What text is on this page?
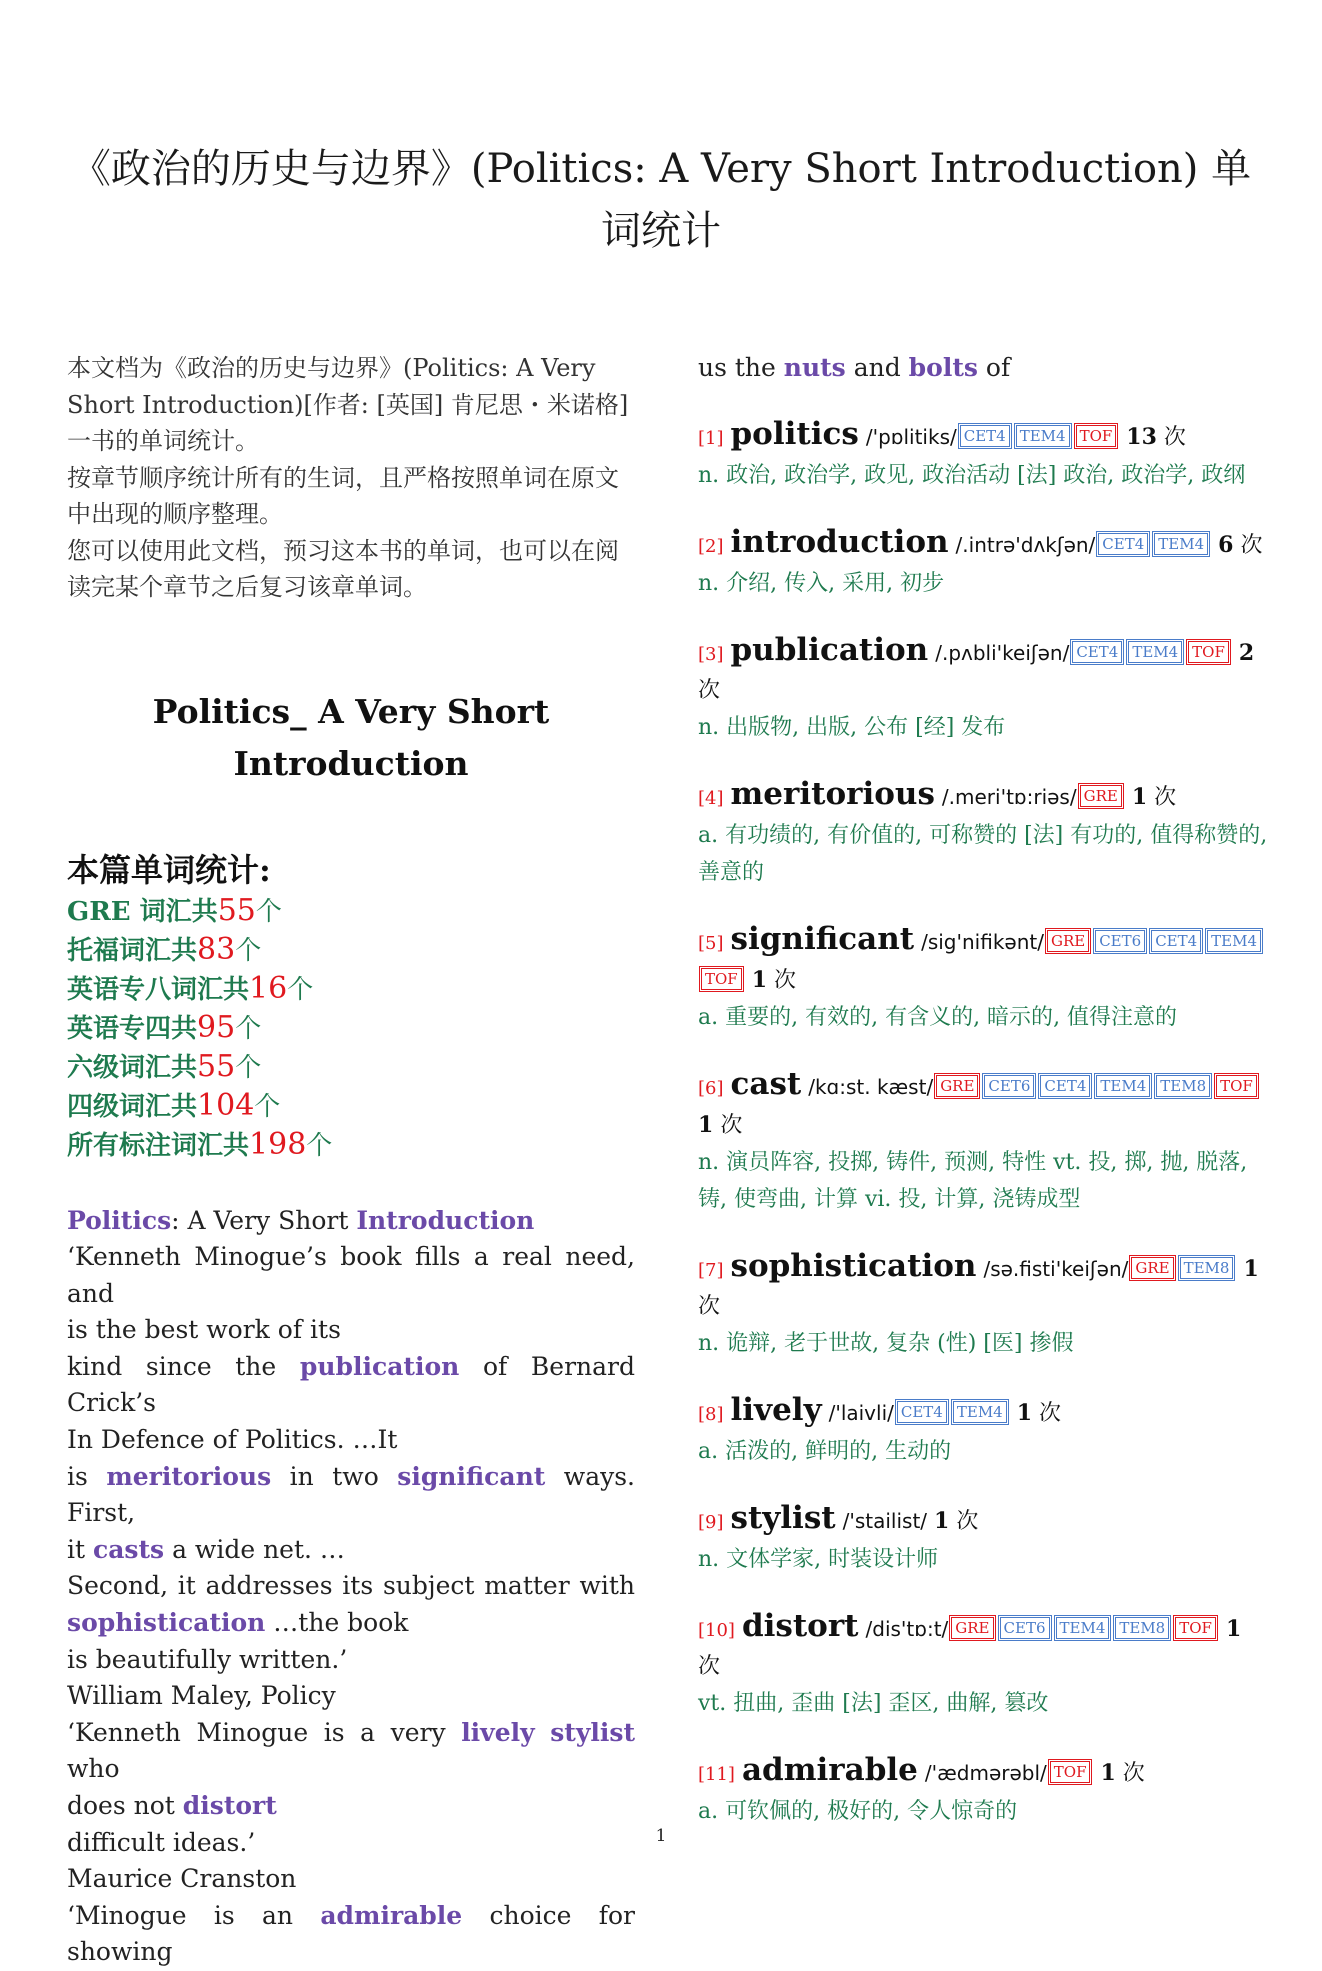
《政治的历史与边界》(Politics: A Very Short Introduction) 单词统计

本文档为《政治的历史与边界》(Politics: A Very Short Introduction)[作者: [英国] 肯尼思・米诺格] 一书的单词统计。

按章节顺序统计所有的生词，且严格按照单词在原文中出现的顺序整理。

您可以使用此文档，预习这本书的单词，也可以在阅读完某个章节之后复习该章单词。

Politics_ A Very Short Introduction
本篇单词统计:
GRE 词汇共55个
托福词汇共83个
英语专八词汇共16个
英语专四共95个
六级词汇共55个
四级词汇共104个
所有标注词汇共198个
Politics: A Very Short Introduction
‘Kenneth Minogue’s book fills a real need, and
is the best work of its
kind since the publication of Bernard Crick’s
In Defence of Politics. …It
is meritorious in two significant ways. First,
it casts a wide net. …
Second, it addresses its subject matter with
sophistication …the book
is beautifully written.’
William Maley, Policy
‘Kenneth Minogue is a very lively stylist who
does not distort
difficult ideas.’
Maurice Cranston
‘Minogue is an admirable choice for showing
us the nuts and bolts of
[1] politics /'pɒlitiks/ CET4 TEM4 TOF 13 次
n. 政治, 政治学, 政见, 政治活动 [法] 政治, 政治学, 政纲
[2] introduction /.intrə'dʌkʃən/ CET4 TEM4 6 次
n. 介绍, 传入, 采用, 初步
[3] publication /.pʌbli'keiʃən/ CET4 TEM4 TOF 2 次
n. 出版物, 出版, 公布 [经] 发布
[4] meritorious /.meri'tɒ:riəs/ GRE 1 次
a. 有功绩的, 有价值的, 可称赞的 [法] 有功的, 值得称赞的, 善意的
[5] significant /sig'nifikənt/ GRE CET6 CET4 TEM4TOF 1 次
a. 重要的, 有效的, 有含义的, 暗示的, 值得注意的
[6] cast /kɑ:st. kæst/ GRE CET6 CET4 TEM4 TEM8 TOF 1 次
n. 演员阵容, 投掷, 铸件, 预测, 特性 vt. 投, 掷, 抛, 脱落, 铸, 使弯曲, 计算 vi. 投, 计算, 浇铸成型
[7] sophistication /sə.fisti'keiʃən/ GRE TEM8 1 次
n. 诡辩, 老于世故, 复杂 (性) [医] 掺假
[8] lively /'laivli/ CET4 TEM4 1 次
a. 活泼的, 鲜明的, 生动的
[9] stylist /'stailist/ 1 次
n. 文体学家, 时装设计师
[10] distort /dis'tɒ:t/ GRE CET6 TEM4 TEM8 TOF 1 次
vt. 扭曲, 歪曲 [法] 歪区, 曲解, 篡改
[11] admirable /'ædmərəbl/ TOF 1 次
a. 可钦佩的, 极好的, 令人惊奇的
1
